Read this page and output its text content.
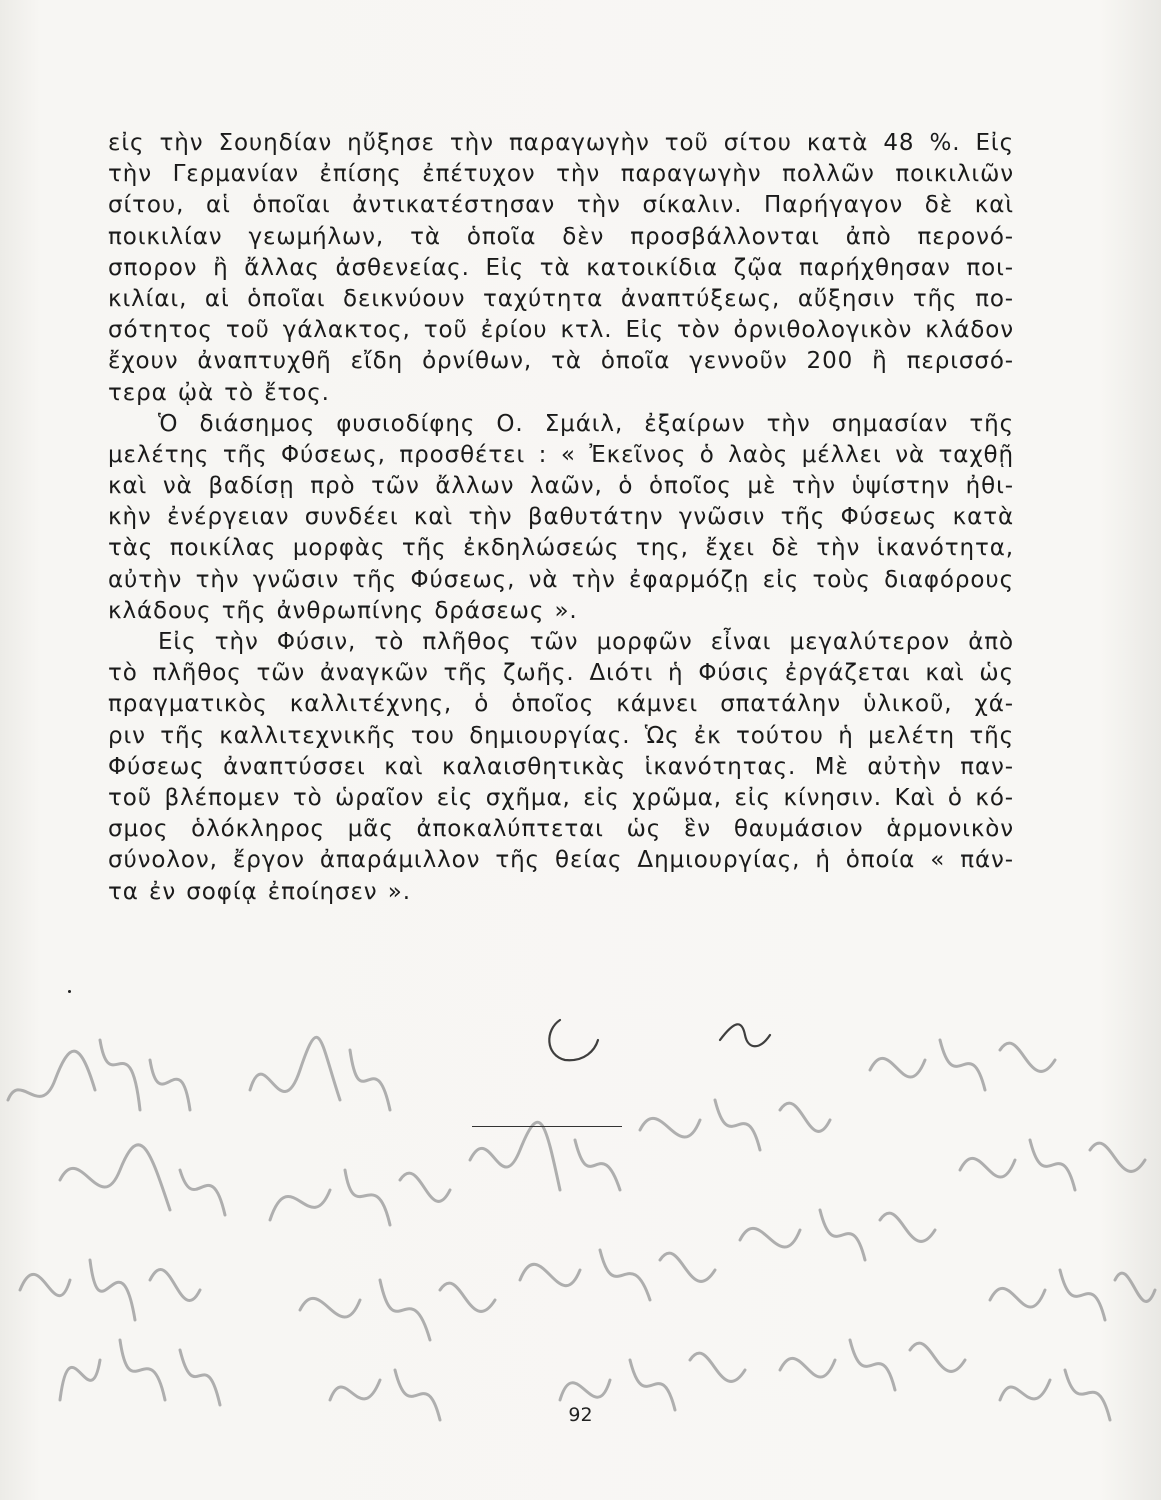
εἰς τὴν Σουηδίαν ηὔξησε τὴν παραγωγὴν τοῦ σίτου κατὰ 48 %. Εἰς
τὴν Γερμανίαν ἐπίσης ἐπέτυχον τὴν παραγωγὴν πολλῶν ποικιλιῶν
σίτου, αἱ ὁποῖαι ἀντικατέστησαν τὴν σίκαλιν. Παρήγαγον δὲ καὶ
ποικιλίαν γεωμήλων, τὰ ὁποῖα δὲν προσβάλλονται ἀπὸ περονό-
σπορον ἢ ἄλλας ἀσθενείας. Εἰς τὰ κατοικίδια ζῷα παρήχθησαν ποι-
κιλίαι, αἱ ὁποῖαι δεικνύουν ταχύτητα ἀναπτύξεως, αὔξησιν τῆς πο-
σότητος τοῦ γάλακτος, τοῦ ἐρίου κτλ. Εἰς τὸν ὀρνιθολογικὸν κλάδον
ἔχουν ἀναπτυχθῆ εἴδη ὀρνίθων, τὰ ὁποῖα γεννοῦν 200 ἢ περισσό-
τερα ᾠὰ τὸ ἔτος.
Ὁ διάσημος φυσιοδίφης Ο. Σμάιλ, ἐξαίρων τὴν σημασίαν τῆς
μελέτης τῆς Φύσεως, προσθέτει : « Ἐκεῖνος ὁ λαὸς μέλλει νὰ ταχθῇ
καὶ νὰ βαδίσῃ πρὸ τῶν ἄλλων λαῶν, ὁ ὁποῖος μὲ τὴν ὑψίστην ἠθι-
κὴν ἐνέργειαν συνδέει καὶ τὴν βαθυτάτην γνῶσιν τῆς Φύσεως κατὰ
τὰς ποικίλας μορφὰς τῆς ἐκδηλώσεώς της, ἔχει δὲ τὴν ἱκανότητα,
αὐτὴν τὴν γνῶσιν τῆς Φύσεως, νὰ τὴν ἐφαρμόζῃ εἰς τοὺς διαφόρους
κλάδους τῆς ἀνθρωπίνης δράσεως ».
Εἰς τὴν Φύσιν, τὸ πλῆθος τῶν μορφῶν εἶναι μεγαλύτερον ἀπὸ
τὸ πλῆθος τῶν ἀναγκῶν τῆς ζωῆς. Διότι ἡ Φύσις ἐργάζεται καὶ ὡς
πραγματικὸς καλλιτέχνης, ὁ ὁποῖος κάμνει σπατάλην ὑλικοῦ, χά-
ριν τῆς καλλιτεχνικῆς του δημιουργίας. Ὡς ἐκ τούτου ἡ μελέτη τῆς
Φύσεως ἀναπτύσσει καὶ καλαισθητικὰς ἱκανότητας. Μὲ αὐτὴν παν-
τοῦ βλέπομεν τὸ ὡραῖον εἰς σχῆμα, εἰς χρῶμα, εἰς κίνησιν. Καὶ ὁ κό-
σμος ὁλόκληρος μᾶς ἀποκαλύπτεται ὡς ἓν θαυμάσιον ἁρμονικὸν
σύνολον, ἔργον ἀπαράμιλλον τῆς θείας Δημιουργίας, ἡ ὁποία « πάν-
τα ἐν σοφίᾳ ἐποίησεν ».
92
